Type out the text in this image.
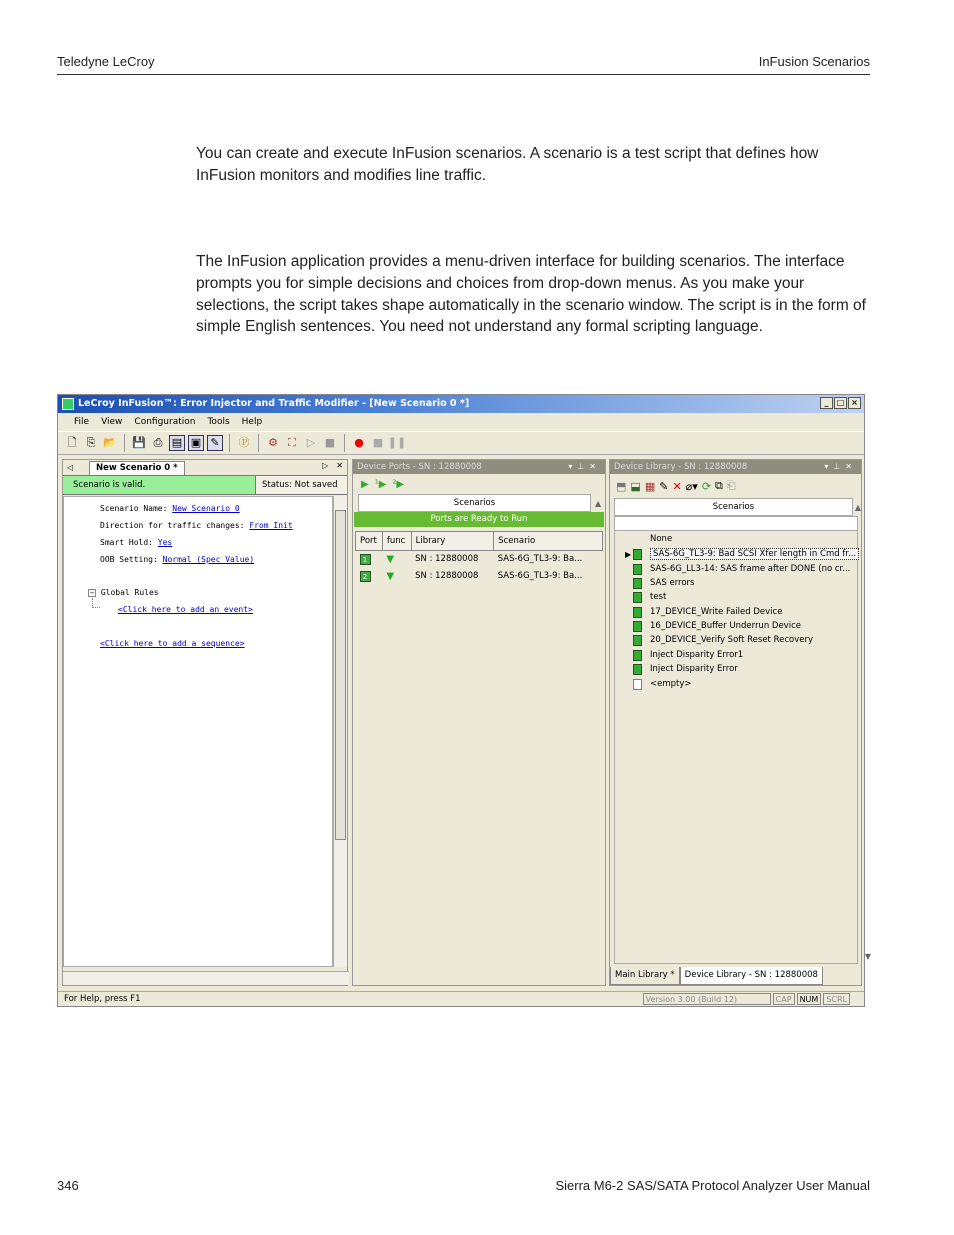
Teledyne LeCroy	InFusion Scenarios

You can create and execute InFusion scenarios. A scenario is a test script that defines how InFusion monitors and modifies line traffic.

The InFusion application provides a menu-driven interface for building scenarios. The interface prompts you for simple decisions and choices from drop-down menus. As you make your selections, the script takes shape automatically in the scenario window. The script is in the form of simple English sentences. You need not understand any formal scripting language.

LeCroy InFusion™: Error Injector and Traffic Modifier - [New Scenario 0 *]	_	□ ×
File View Configuration Tools Help
🗋 ⎘ 📂 💾 ⎙ ▤ ▣ ✎	Ⓟ ⚙ ⛶ ▷ ■ ● ■ ❚❚
◁	New Scenario 0 *	▷ ✕
Scenario is valid.	Status: Not saved
Scenario Name: New Scenario 0
Direction for traffic changes: From Init
Smart Hold: Yes
OOB Setting: Normal (Spec Value)
− Global Rules
<Click here to add an event>
<Click here to add a sequence>
Device Ports - SN : 12880008	▾⊥✕
▶ ¹▶ ²▶
Scenarios	▲
Ports are Ready to Run
Port	func	Library	Scenario
1	▼	SN : 12880008	SAS-6G_TL3-9: Ba...
2	▼	SN : 12880008	SAS-6G_TL3-9: Ba...
Device Library - SN : 12880008	▾⊥✕
⬒ ⬓ ▦ ✎ ✕ ⌀▾ ⟳ ⧉ ⎗
Scenarios	▲
None
▶	SAS-6G_TL3-9: Bad SCSI Xfer length in Cmd fr...
SAS-6G_LL3-14: SAS frame after DONE (no cr...
SAS errors
test
17_DEVICE_Write Failed Device
16_DEVICE_Buffer Underrun Device
20_DEVICE_Verify Soft Reset Recovery
Inject Disparity Error1
Inject Disparity Error
<empty>
▼
Main Library *	Device Library - SN : 12880008
For Help, press F1	Version 3.00 (Build 12)	CAP	NUM	SCRL
346	Sierra M6-2 SAS/SATA Protocol Analyzer User Manual
